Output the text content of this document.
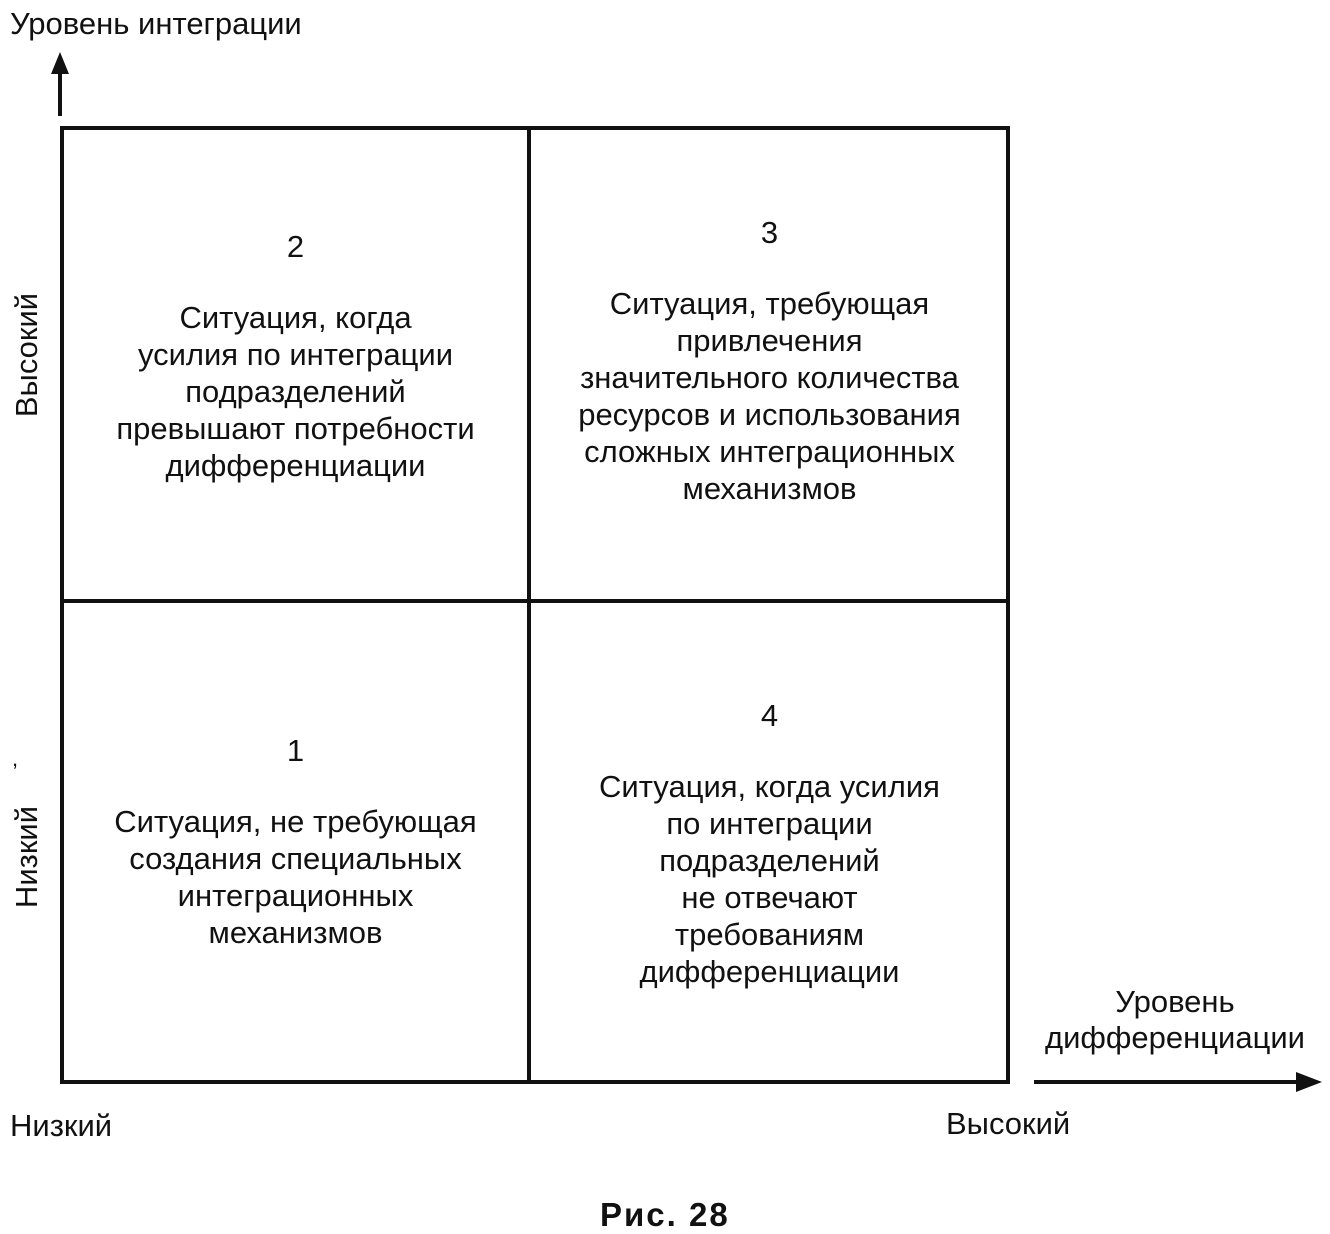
Уровень интеграции
Высокий
Низкий
,
2
Ситуация, когда
усилия по интеграции
подразделений
превышают потребности
дифференциации
3
Ситуация, требующая
привлечения
значительного количества
ресурсов и использования
сложных интеграционных
механизмов
1
Ситуация, не требующая
создания специальных
интеграционных
механизмов
4
Ситуация, когда усилия
по интеграции
подразделений
не отвечают
требованиям
дифференциации
Уровень дифференциации
Низкий	Высокий
Рис. 28
